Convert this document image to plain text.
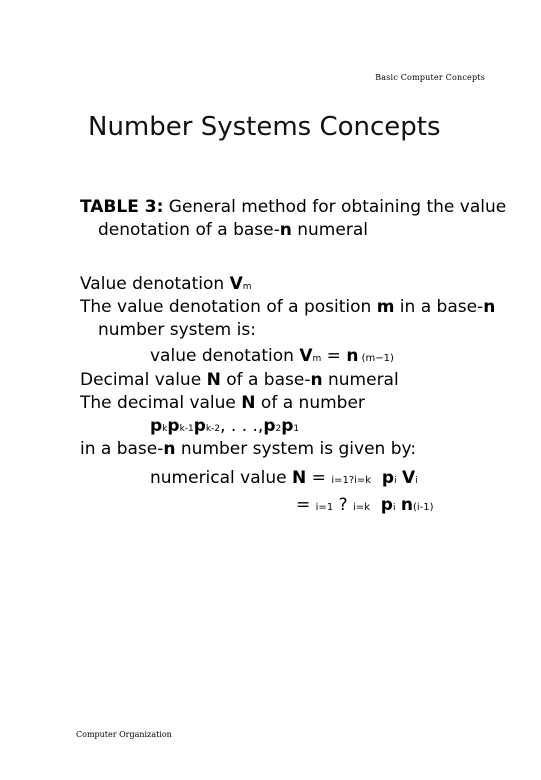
Basic Computer Concepts
Number Systems Concepts
TABLE 3: General method for obtaining the value
denotation of a base-n numeral
Value denotation Vm
The value denotation of a position m in a base-n
number system is:
value denotation Vm = n (m−1)
Decimal value N of a base-n numeral
The decimal value N of a number
pkpk-1pk-2, . . .,p2p1
in a base-n number system is given by:
numerical value N = i=1?i=k pi Vi
= i=1 ? i=k pi n(i-1)
Computer Organization
